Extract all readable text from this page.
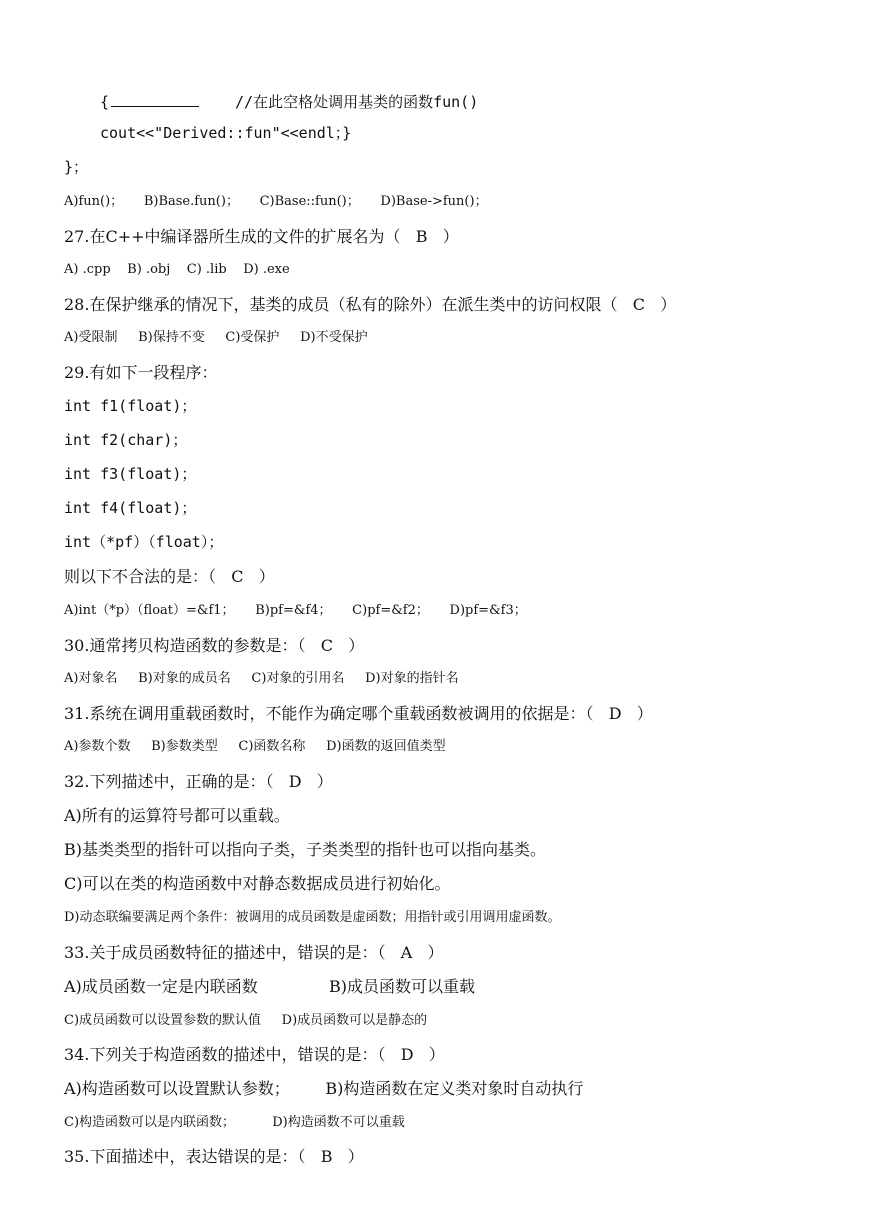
{	//在此空格处调用基类的函数fun()
cout<<"Derived::fun"<<endl；}
}；
A)fun()；     B)Base.fun()；     C)Base::fun()；     D)Base->fun()；
27.在C++中编译器所生成的文件的扩展名为（   B   ）
A) .cpp    B) .obj    C) .lib    D) .exe
28.在保护继承的情况下，基类的成员（私有的除外）在派生类中的访问权限（   C   ）
A)受限制     B)保持不变     C)受保护     D)不受保护
29.有如下一段程序：
int f1(float)；
int f2(char)；
int f3(float)；
int f4(float)；
int（*pf）（float）；
则以下不合法的是：（   C   ）
A)int（*p）（float）=&f1；     B)pf=&f4；     C)pf=&f2；     D)pf=&f3；
30.通常拷贝构造函数的参数是：（   C   ）
A)对象名     B)对象的成员名     C)对象的引用名     D)对象的指针名
31.系统在调用重载函数时，不能作为确定哪个重载函数被调用的依据是：（   D   ）
A)参数个数     B)参数类型     C)函数名称     D)函数的返回值类型
32.下列描述中，正确的是：（   D   ）
A)所有的运算符号都可以重载。
B)基类类型的指针可以指向子类，子类类型的指针也可以指向基类。
C)可以在类的构造函数中对静态数据成员进行初始化。
D)动态联编要满足两个条件：被调用的成员函数是虚函数；用指针或引用调用虚函数。
33.关于成员函数特征的描述中，错误的是：（   A   ）
A)成员函数一定是内联函数              B)成员函数可以重载
C)成员函数可以设置参数的默认值     D)成员函数可以是静态的
34.下列关于构造函数的描述中，错误的是：（   D   ）
A)构造函数可以设置默认参数；       B)构造函数在定义类对象时自动执行
C)构造函数可以是内联函数；         D)构造函数不可以重载
35.下面描述中，表达错误的是：（   B   ）
